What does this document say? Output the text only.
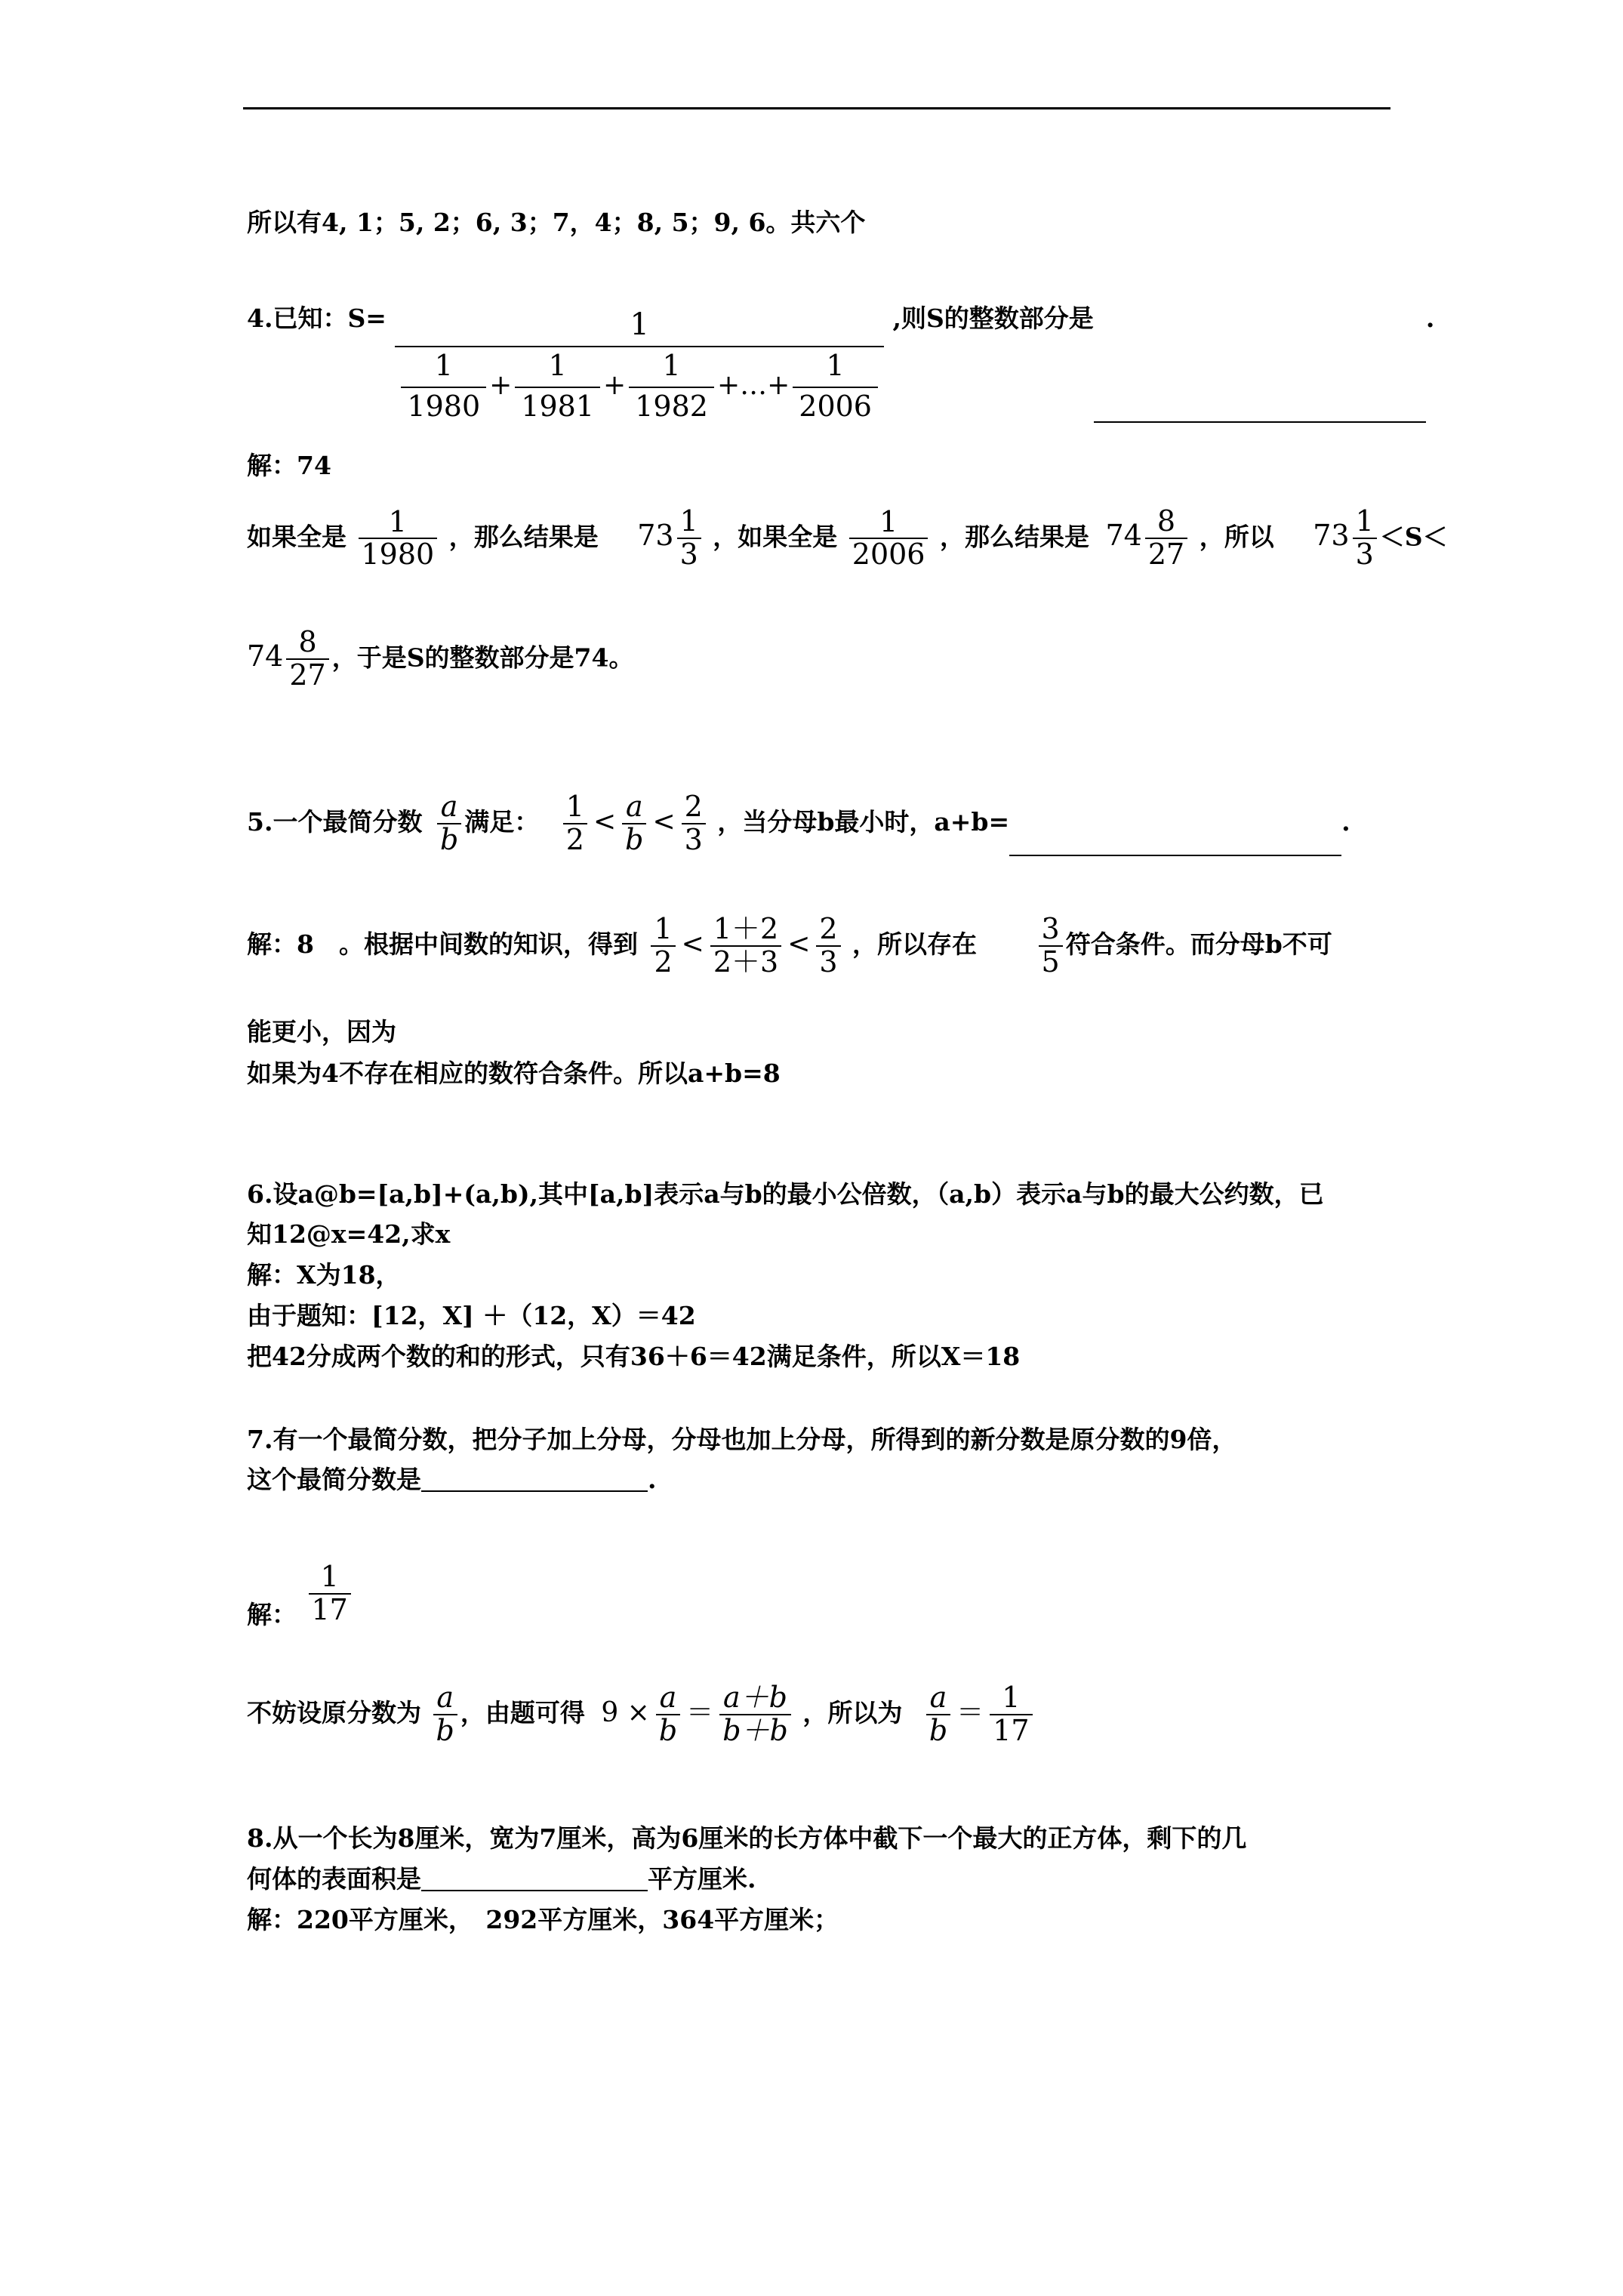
所以有4, 1；5, 2；6, 3；7，4；8, 5；9, 6。共六个
4.已知：$S= \frac{1}{\frac{1}{1980} + \frac{1}{1981} + \frac{1}{1982} +\dots+ \frac{1}{2006}}$ ,则S的整数部分是	.
解：74
如果全是 $\frac{1}{1980}$ ，那么结果是 $73 \frac{1}{3}$ ，如果全是 $\frac{1}{2006}$ ，那么结果是 $74 \frac{8}{27}$ ，所以 $73 \frac{1}{3} <S<$
$74 \frac{8}{27}$ ，于是S的整数部分是74。
5.一个最简分数 $\frac{a}{b}$ 满足： $\frac{1}{2} < \frac{a}{b} < \frac{2}{3}$ ，当分母b最小时，a+b=	.
解：8　。根据中间数的知识，得到 $\frac{1}{2} < \frac{1+2}{2+3} < \frac{2}{3}$ ，所以存在 $\frac{3}{5}$ 符合条件。而分母b不可
能更小，因为
如果为4不存在相应的数符合条件。所以a+b=8
6.设a@b=[a,b]+(a,b),其中[a,b]表示a与b的最小公倍数，（a,b）表示a与b的最大公约数，已
知12@x=42,求x
解：X为18，
由于题知：[12，X] ＋（12，X）＝42
把42分成两个数的和的形式，只有36＋6＝42满足条件，所以X＝18
7.有一个最简分数，把分子加上分母，分母也加上分母，所得到的新分数是原分数的9倍，
这个最简分数是	.
解： $\frac{1}{17}$
不妨设原分数为 $\frac{a}{b}$ ，由题可得 $9 \times \frac{a}{b} = \frac{a+b}{b+b}$ ，所以为 $\frac{a}{b} = \frac{1}{17}$
8.从一个长为8厘米，宽为7厘米，高为6厘米的长方体中截下一个最大的正方体，剩下的几
何体的表面积是	平方厘米.
解：220平方厘米，　292平方厘米，364平方厘米；
